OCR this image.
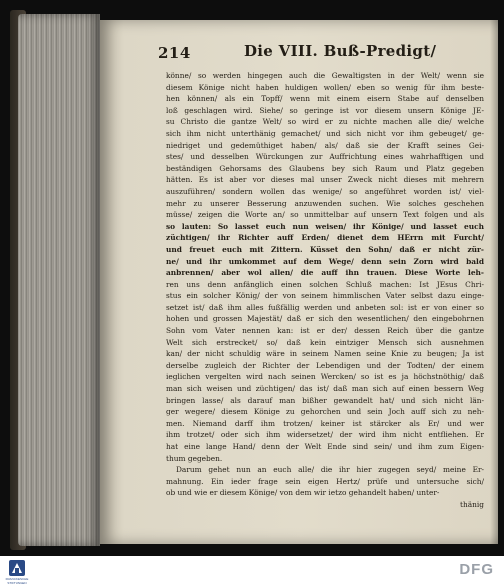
214	Die VIII. Buß-Predigt/
könne/ so werden hingegen auch die Gewaltigsten in der Welt/ wenn sie
diesem Könige nicht haben huldigen wollen/ eben so wenig für ihm beste-
hen können/ als ein Topff/ wenn mit einem eisern Stabe auf denselben
loß geschlagen wird. Siehe/ so geringe ist vor diesem unsern Könige JE-
su Christo die gantze Welt/ so wird er zu nichte machen alle die/ welche
sich ihm nicht unterthänig gemachet/ und sich nicht vor ihm gebeuget/ ge-
niedriget und gedemüthiget haben/ als/ daß sie der Krafft seines Gei-
stes/ und desselben Würckungen zur Auffrichtung eines wahrhafftigen und
beständigen Gehorsams des Glaubens bey sich Raum und Platz gegeben
hätten. Es ist aber vor dieses mal unser Zweck nicht dieses mit mehrern
auszuführen/ sondern wollen das wenige/ so angeführet worden ist/ viel-
mehr zu unserer Besserung anzuwenden suchen. Wie solches geschehen
müsse/ zeigen die Worte an/ so unmittelbar auf unsern Text folgen und als
so lauten: So lasset euch nun weisen/ ihr Könige/ und lasset euch
züchtigen/ ihr Richter auff Erden/ dienet dem HErrn mit Furcht/
und freuet euch mit Zittern. Küsset den Sohn/ daß er nicht zür-
ne/ und ihr umkommet auf dem Wege/ denn sein Zorn wird bald
anbrennen/ aber wol allen/ die auff ihn trauen. Diese Worte leh-
ren uns denn anfänglich einen solchen Schluß machen: Ist JEsus Chri-
stus ein solcher König/ der von seinem himmlischen Vater selbst dazu einge-
setzet ist/ daß ihm alles fußfällig werden und anbeten sol: ist er von einer so
hohen und grossen Majestät/ daß er sich den wesentlichen/ den eingebohrnen
Sohn vom Vater nennen kan: ist er der/ dessen Reich über die gantze
Welt sich erstrecket/ so/ daß kein eintziger Mensch sich ausnehmen
kan/ der nicht schuldig wäre in seinem Namen seine Knie zu beugen; Ja ist
derselbe zugleich der Richter der Lebendigen und der Todten/ der einem
ieglichen vergelten wird nach seinen Wercken/ so ist es ja höchstnöthig/ daß
man sich weisen und züchtigen/ das ist/ daß man sich auf einen bessern Weg
bringen lasse/ als darauf man bißher gewandelt hat/ und sich nicht län-
ger wegere/ diesem Könige zu gehorchen und sein Joch auff sich zu neh-
men. Niemand darff ihm trotzen/ keiner ist stärcker als Er/ und wer
ihm trotzet/ oder sich ihm widersetzet/ der wird ihm nicht entfliehen. Er
hat eine lange Hand/ denn der Welt Ende sind sein/ und ihm zum Eigen-
thum gegeben.
Darum gehet nun an euch alle/ die ihr hier zugegen seyd/ meine Er-
mahnung. Ein ieder frage sein eigen Hertz/ prüfe und untersuche sich/
ob und wie er diesem Könige/ von dem wir ietzo gehandelt haben/ unter-
thänig
FRANCKESCHE STIFTUNGEN
DFG
